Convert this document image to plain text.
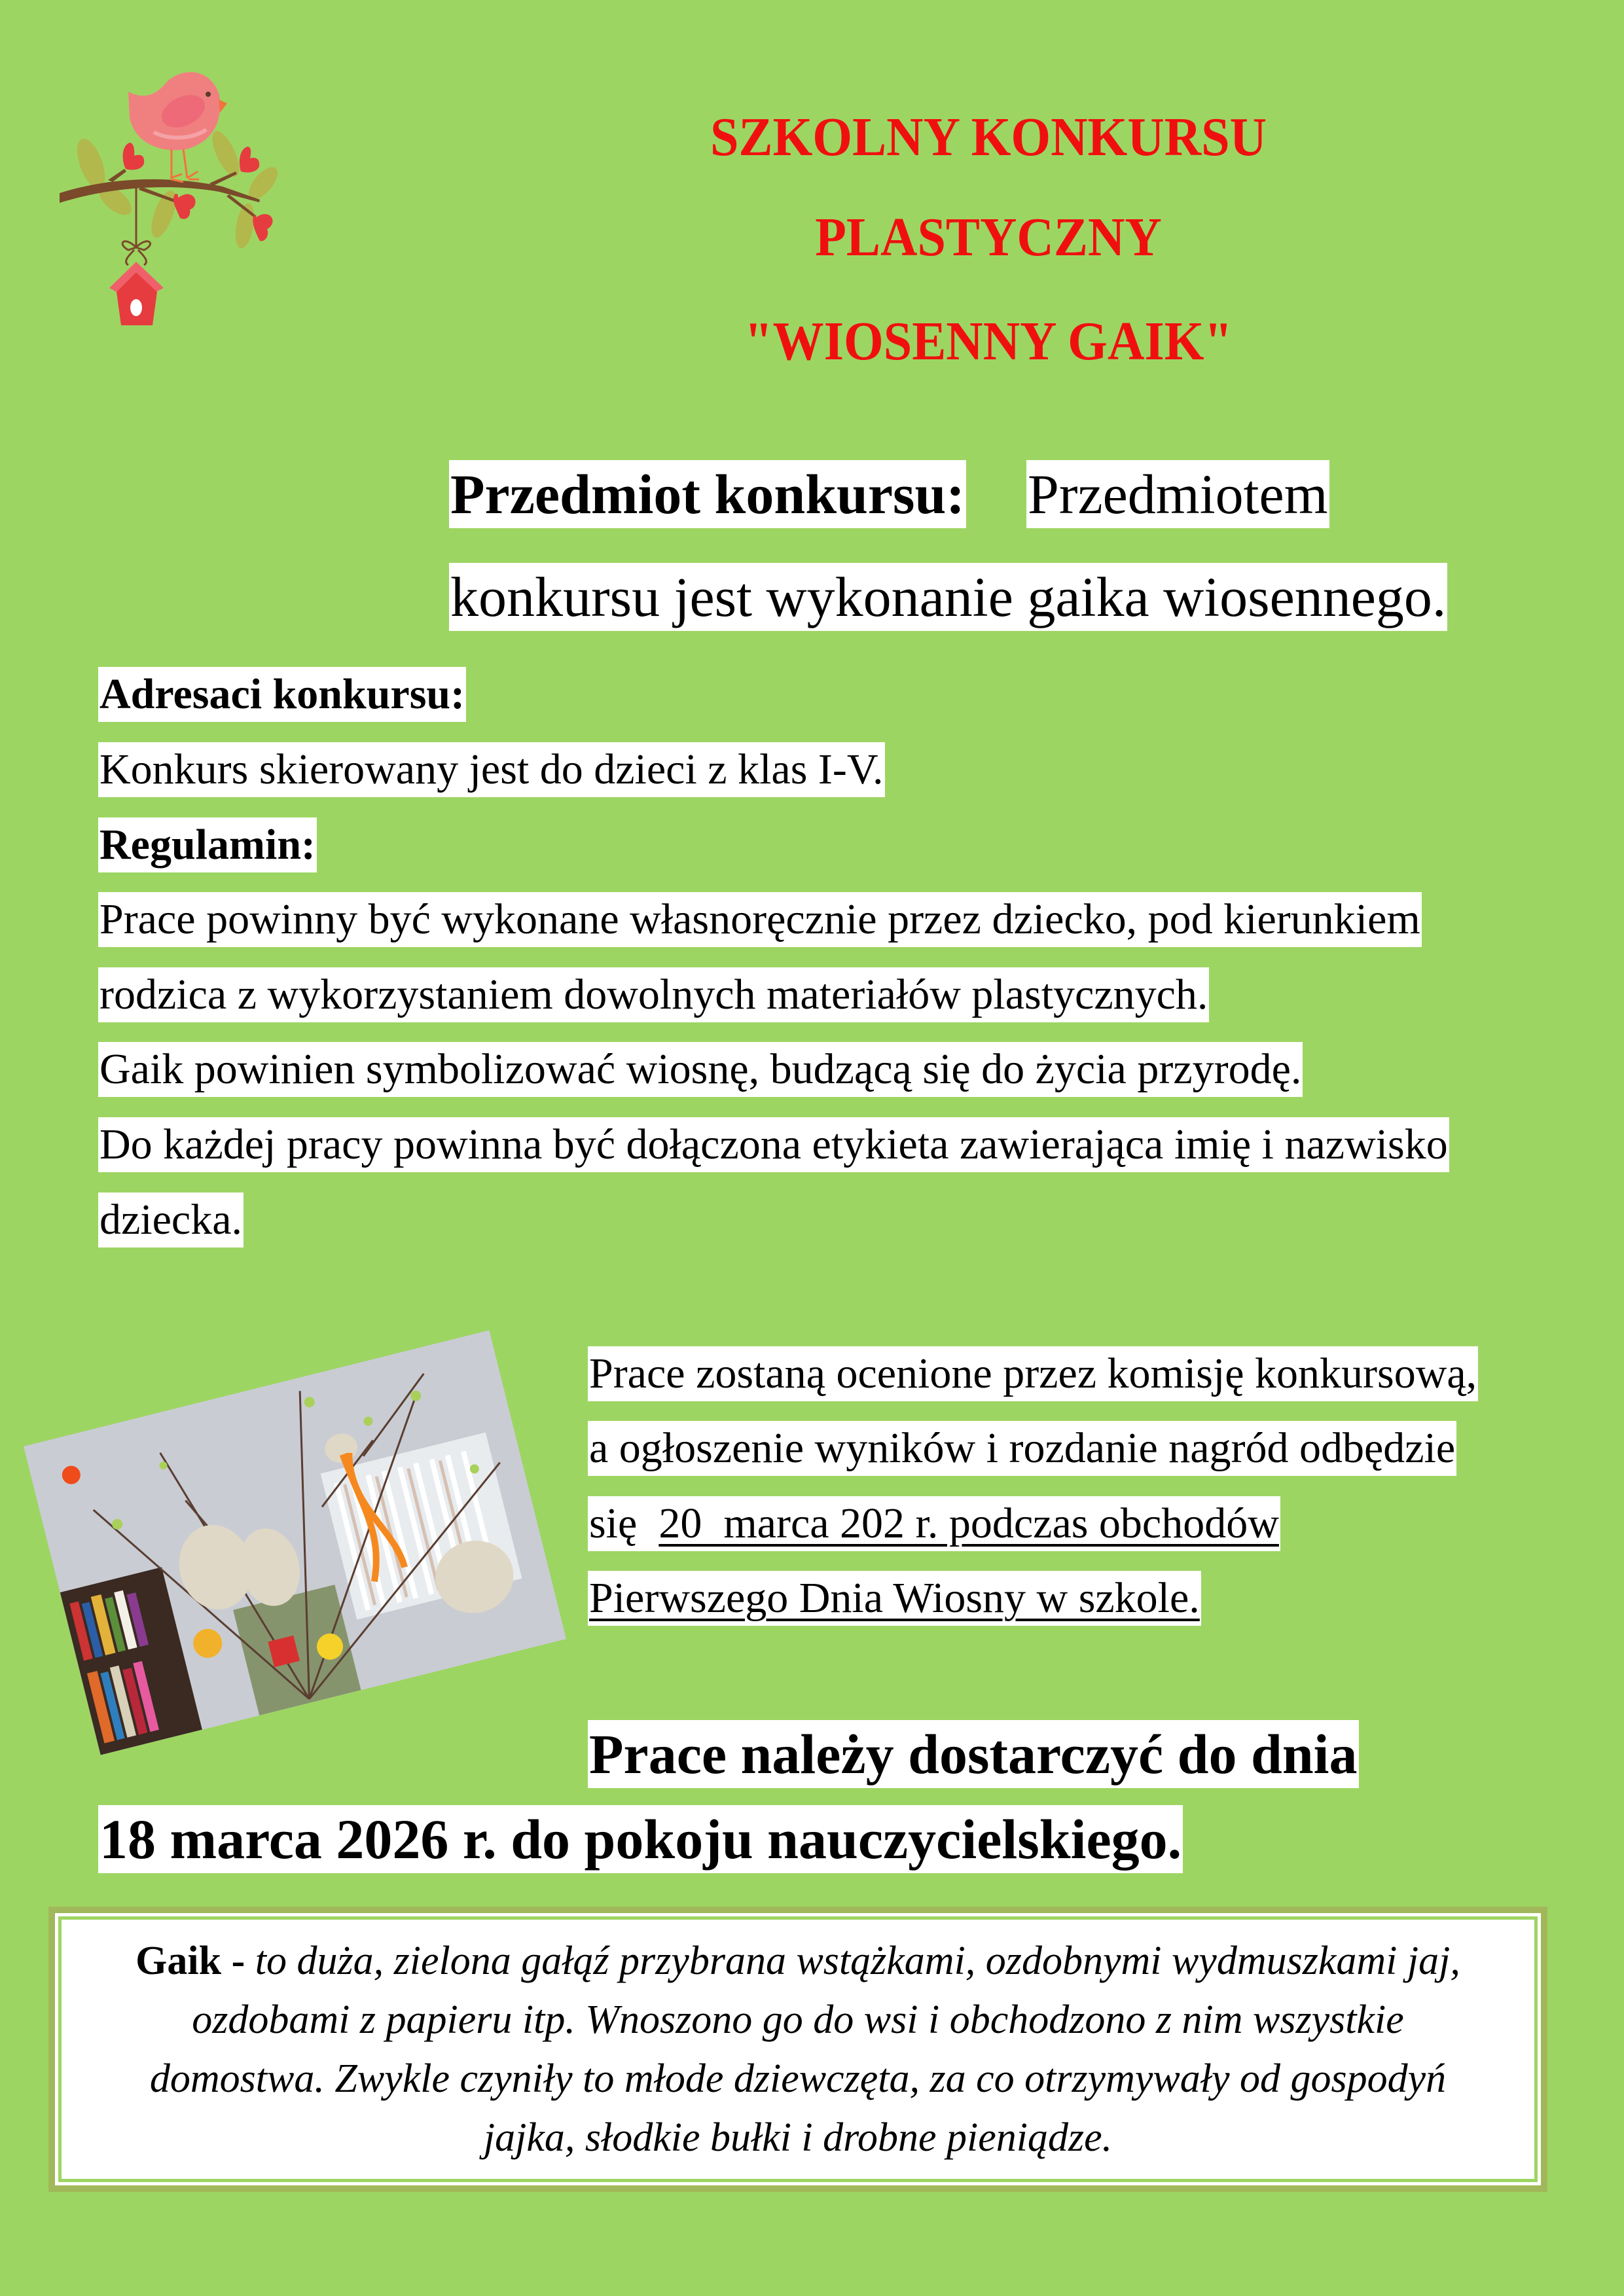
SZKOLNY KONKURSU
PLASTYCZNY
"WIOSENNY GAIK"
Przedmiot konkursu: Przedmiotem
konkursu jest wykonanie gaika wiosennego.
Adresaci konkursu:
Konkurs skierowany jest do dzieci z klas I-V.
Regulamin:
Prace powinny być wykonane własnoręcznie przez dziecko, pod kierunkiem
rodzica z wykorzystaniem dowolnych materiałów plastycznych.
Gaik powinien symbolizować wiosnę, budzącą się do życia przyrodę.
Do każdej pracy powinna być dołączona etykieta zawierająca imię i nazwisko
dziecka.
Prace zostaną ocenione przez komisję konkursową,
a ogłoszenie wyników i rozdanie nagród odbędzie
się 20  marca 202 r. podczas obchodów
Pierwszego Dnia Wiosny w szkole.
Prace należy dostarczyć do dnia
18 marca 2026 r. do pokoju nauczycielskiego.
Gaik - to duża, zielona gałąź przybrana wstążkami, ozdobnymi wydmuszkami jaj,
ozdobami z papieru itp. Wnoszono go do wsi i obchodzono z nim wszystkie
domostwa. Zwykle czyniły to młode dziewczęta, za co otrzymywały od gospodyń
jajka, słodkie bułki i drobne pieniądze.
